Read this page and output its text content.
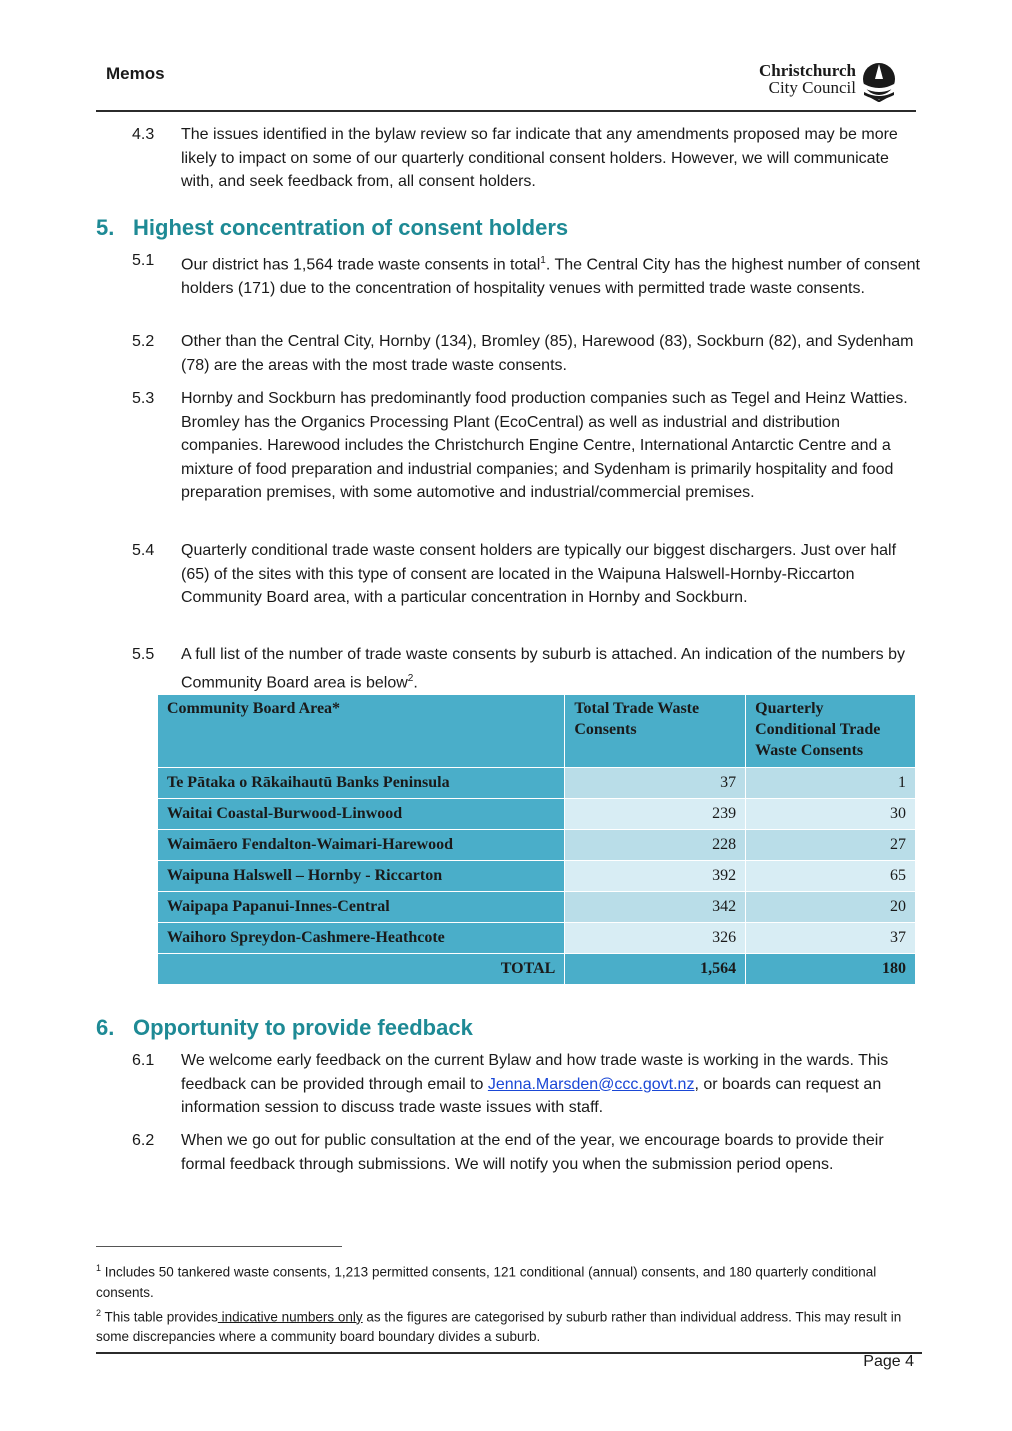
Memos	Christchurch
City Council
4.3 The issues identified in the bylaw review so far indicate that any amendments proposed may be more likely to impact on some of our quarterly conditional consent holders. However, we will communicate with, and seek feedback from, all consent holders.
5. Highest concentration of consent holders
5.1 Our district has 1,564 trade waste consents in total$^1$. The Central City has the highest number of consent holders (171) due to the concentration of hospitality venues with permitted trade waste consents.
5.2 Other than the Central City, Hornby (134), Bromley (85), Harewood (83), Sockburn (82), and Sydenham (78) are the areas with the most trade waste consents.
5.3 Hornby and Sockburn has predominantly food production companies such as Tegel and Heinz Watties. Bromley has the Organics Processing Plant (EcoCentral) as well as industrial and distribution companies. Harewood includes the Christchurch Engine Centre, International Antarctic Centre and a mixture of food preparation and industrial companies; and Sydenham is primarily hospitality and food preparation premises, with some automotive and industrial/commercial premises.
5.4 Quarterly conditional trade waste consent holders are typically our biggest dischargers. Just over half (65) of the sites with this type of consent are located in the Waipuna Halswell-Hornby-Riccarton Community Board area, with a particular concentration in Hornby and Sockburn.
5.5 A full list of the number of trade waste consents by suburb is attached. An indication of the numbers by Community Board area is below$^2$.
Community Board Area*	Total Trade Waste Consents	Quarterly Conditional Trade Waste Consents
Te Pātaka o Rākaihautū Banks Peninsula	37	1
Waitai Coastal-Burwood-Linwood	239	30
Waimāero Fendalton-Waimari-Harewood	228	27
Waipuna Halswell – Hornby - Riccarton	392	65
Waipapa Papanui-Innes-Central	342	20
Waihoro Spreydon-Cashmere-Heathcote	326	37
TOTAL	1,564	180
6. Opportunity to provide feedback
6.1 We welcome early feedback on the current Bylaw and how trade waste is working in the wards. This feedback can be provided through email to Jenna.Marsden@ccc.govt.nz, or boards can request an information session to discuss trade waste issues with staff.
6.2 When we go out for public consultation at the end of the year, we encourage boards to provide their formal feedback through submissions. We will notify you when the submission period opens.
$^1$ Includes 50 tankered waste consents, 1,213 permitted consents, 121 conditional (annual) consents, and 180 quarterly conditional consents.
$^2$ This table provides indicative numbers only as the figures are categorised by suburb rather than individual address. This may result in some discrepancies where a community board boundary divides a suburb.
Page 4
